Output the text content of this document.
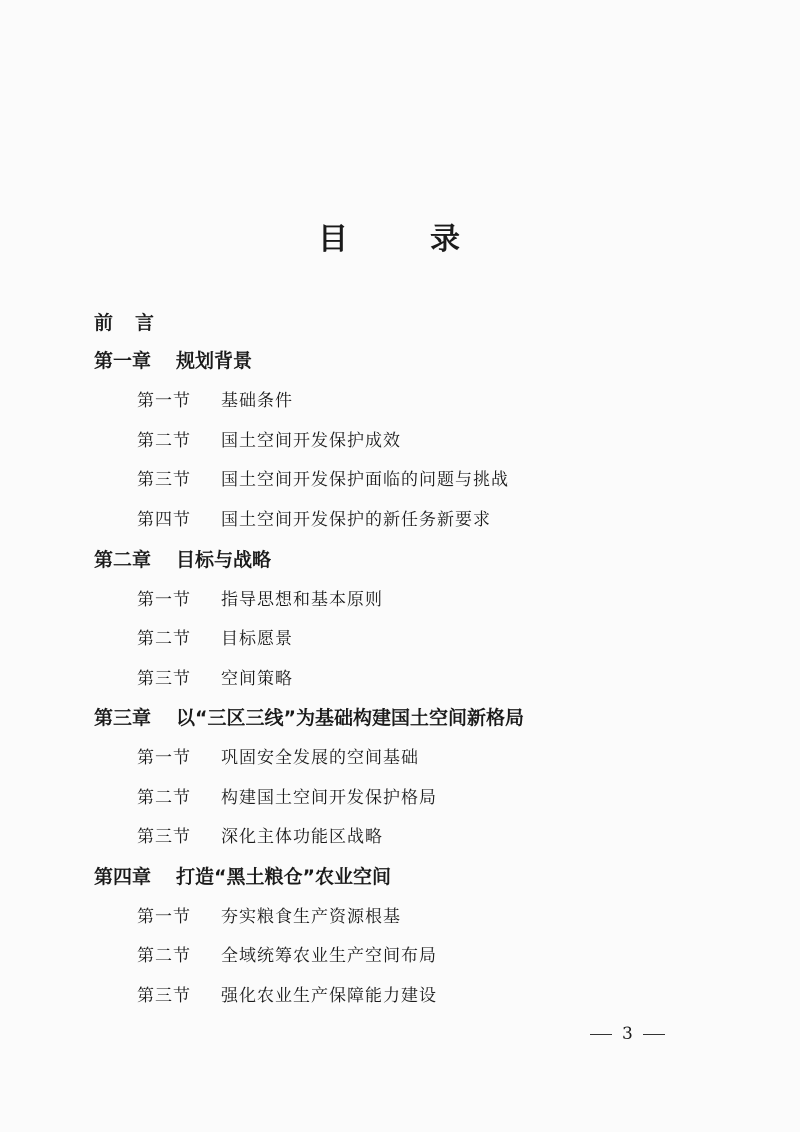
目	录
前言
第一章 规划背景
第一节 基础条件
第二节 国土空间开发保护成效
第三节 国土空间开发保护面临的问题与挑战
第四节 国土空间开发保护的新任务新要求
第二章 目标与战略
第一节 指导思想和基本原则
第二节 目标愿景
第三节 空间策略
第三章 以“三区三线”为基础构建国土空间新格局
第一节 巩固安全发展的空间基础
第二节 构建国土空间开发保护格局
第三节 深化主体功能区战略
第四章 打造“黑土粮仓”农业空间
第一节 夯实粮食生产资源根基
第二节 全域统筹农业生产空间布局
第三节 强化农业生产保障能力建设
3
